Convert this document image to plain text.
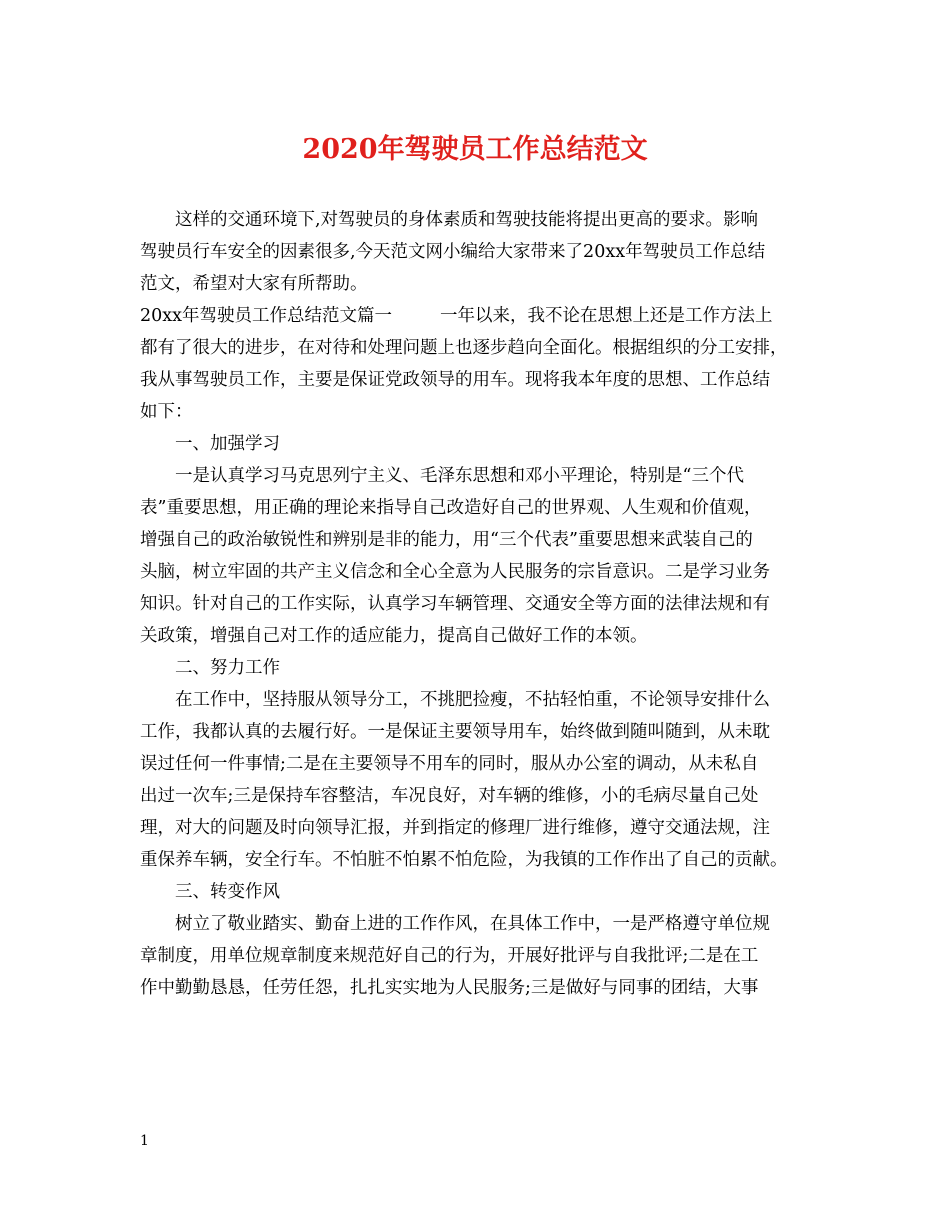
2020年驾驶员工作总结范文
这样的交通环境下,对驾驶员的身体素质和驾驶技能将提出更高的要求。影响
驾驶员行车安全的因素很多,今天范文网小编给大家带来了20xx年驾驶员工作总结
范文，希望对大家有所帮助。
20xx年驾驶员工作总结范文篇一	一年以来，我不论在思想上还是工作方法上
都有了很大的进步，在对待和处理问题上也逐步趋向全面化。根据组织的分工安排，
我从事驾驶员工作，主要是保证党政领导的用车。现将我本年度的思想、工作总结
如下：
一、加强学习
一是认真学习马克思列宁主义、毛泽东思想和邓小平理论，特别是“三个代
表”重要思想，用正确的理论来指导自己改造好自己的世界观、人生观和价值观，
增强自己的政治敏锐性和辨别是非的能力，用“三个代表”重要思想来武装自己的
头脑，树立牢固的共产主义信念和全心全意为人民服务的宗旨意识。二是学习业务
知识。针对自己的工作实际，认真学习车辆管理、交通安全等方面的法律法规和有
关政策，增强自己对工作的适应能力，提高自己做好工作的本领。
二、努力工作
在工作中，坚持服从领导分工，不挑肥捡瘦，不拈轻怕重，不论领导安排什么
工作，我都认真的去履行好。一是保证主要领导用车，始终做到随叫随到，从未耽
误过任何一件事情;二是在主要领导不用车的同时，服从办公室的调动，从未私自
出过一次车;三是保持车容整洁，车况良好，对车辆的维修，小的毛病尽量自己处
理，对大的问题及时向领导汇报，并到指定的修理厂进行维修，遵守交通法规，注
重保养车辆，安全行车。不怕脏不怕累不怕危险，为我镇的工作作出了自己的贡献。
三、转变作风
树立了敬业踏实、勤奋上进的工作作风，在具体工作中，一是严格遵守单位规
章制度，用单位规章制度来规范好自己的行为，开展好批评与自我批评;二是在工
作中勤勤恳恳，任劳任怨，扎扎实实地为人民服务;三是做好与同事的团结，大事
1
